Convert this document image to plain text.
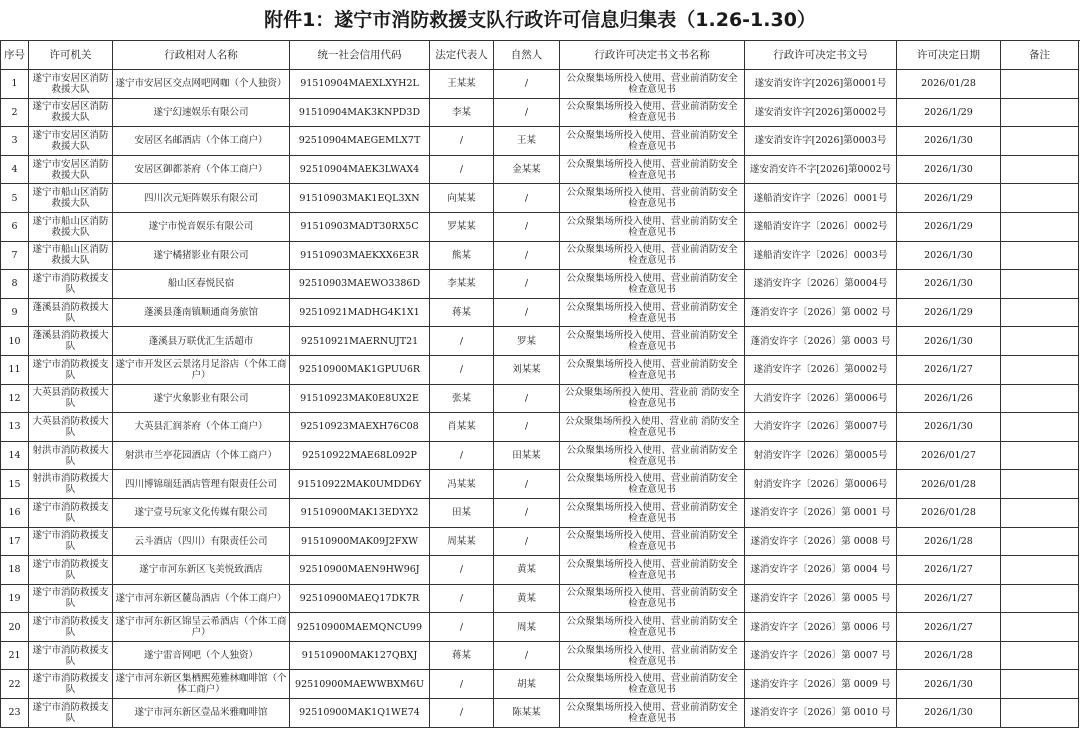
附件1：遂宁市消防救援支队行政许可信息归集表（1.26-1.30）
序号	许可机关	行政相对人名称	统一社会信用代码	法定代表人	自然人	行政许可决定书文书名称	行政许可决定书文号	许可决定日期	备注
1	遂宁市安居区消防救援大队	遂宁市安居区交点网吧网咖（个人独资）	91510904MAEXLXYH2L	王某某	/	公众聚集场所投入使用、营业前消防安全检查意见书	遂安消安许字[2026]第0001号	2026/01/28	
2	遂宁市安居区消防救援大队	遂宁幻速娱乐有限公司	91510904MAK3KNPD3D	李某	/	公众聚集场所投入使用、营业前消防安全检查意见书	遂安消安许字[2026]第0002号	2026/1/29	
3	遂宁市安居区消防救援大队	安居区名邮酒店（个体工商户）	92510904MAEGEMLX7T	/	王某	公众聚集场所投入使用、营业前消防安全检查意见书	遂安消安许字[2026]第0003号	2026/1/30	
4	遂宁市安居区消防救援大队	安居区御都茶府（个体工商户）	92510904MAEK3LWAX4	/	金某某	公众聚集场所投入使用、营业前消防安全检查意见书	遂安消安许不字[2026]第0002号	2026/1/30	
5	遂宁市船山区消防救援大队	四川次元矩阵娱乐有限公司	91510903MAK1EQL3XN	向某某	/	公众聚集场所投入使用、营业前消防安全检查意见书	遂船消安许字〔2026〕0001号	2026/1/29	
6	遂宁市船山区消防救援大队	遂宁市悦音娱乐有限公司	91510903MADT30RX5C	罗某某	/	公众聚集场所投入使用、营业前消防安全检查意见书	遂船消安许字〔2026〕0002号	2026/1/29	
7	遂宁市船山区消防救援大队	遂宁橘猪影业有限公司	91510903MAEKXX6E3R	熊某	/	公众聚集场所投入使用、营业前消防安全检查意见书	遂船消安许字〔2026〕0003号	2026/1/30	
8	遂宁市消防救援支队	船山区春悦民宿	92510903MAEWO3386D	李某某	/	公众聚集场所投入使用、营业前消防安全检查意见书	遂消安许字〔2026〕第0004号	2026/1/30	
9	蓬溪县消防救援大队	蓬溪县蓬南镇顺通商务旅馆	92510921MADHG4K1X1	蒋某	/	公众聚集场所投入使用、营业前消防安全检查意见书	蓬消安许字〔2026〕第 0002 号	2026/1/29	
10	蓬溪县消防救援大队	蓬溪县万联优汇生活超市	92510921MAERNUJT21	/	罗某	公众聚集场所投入使用、营业前消防安全检查意见书	蓬消安许字〔2026〕第 0003 号	2026/1/30	
11	遂宁市消防救援支队	遂宁市开发区云景洺月足浴店（个体工商户）	92510900MAK1GPUU6R	/	刘某某	公众聚集场所投入使用、营业前消防安全检查意见书	遂消安许字〔2026〕第0002号	2026/1/27	
12	大英县消防救援大队	遂宁火象影业有限公司	91510923MAK0E8UX2E	张某	/	公众聚集场所投入使用、营业前 消防安全检查意见书	大消安许字〔2026〕第0006号	2026/1/26	
13	大英县消防救援大队	大英县汇润茶府（个体工商户）	92510923MAEXH76C08	肖某某	/	公众聚集场所投入使用、营业前 消防安全检查意见书	大消安许字〔2026〕第0007号	2026/1/30	
14	射洪市消防救援大队	射洪市兰亭花园酒店（个体工商户）	92510922MAE68L092P	/	田某某	公众聚集场所投入使用、营业前消防安全检查意见书	射消安许字〔2026〕第0005号	2026/01/27	
15	射洪市消防救援大队	四川博锦瑞廷酒店管理有限责任公司	91510922MAK0UMDD6Y	冯某某	/	公众聚集场所投入使用、营业前消防安全检查意见书	射消安许字〔2026〕第0006号	2026/01/28	
16	遂宁市消防救援支队	遂宁壹号玩家文化传媒有限公司	91510900MAK13EDYX2	田某	/	公众聚集场所投入使用、营业前消防安全检查意见书	遂消安许字〔2026〕第 0001 号	2026/01/28	
17	遂宁市消防救援支队	云斗酒店（四川）有限责任公司	91510900MAK09J2FXW	周某某	/	公众聚集场所投入使用、营业前消防安全检查意见书	遂消安许字〔2026〕第 0008 号	2026/1/28	
18	遂宁市消防救援支队	遂宁市河东新区飞美悦致酒店	92510900MAEN9HW96J	/	黄某	公众聚集场所投入使用、营业前消防安全检查意见书	遂消安许字〔2026〕第 0004 号	2026/1/27	
19	遂宁市消防救援支队	遂宁市河东新区麓岛酒店（个体工商户）	92510900MAEQ17DK7R	/	黄某	公众聚集场所投入使用、营业前消防安全检查意见书	遂消安许字〔2026〕第 0005 号	2026/1/27	
20	遂宁市消防救援支队	遂宁市河东新区锦呈云希酒店（个体工商户）	92510900MAEMQNCU99	/	周某	公众聚集场所投入使用、营业前消防安全检查意见书	遂消安许字〔2026〕第 0006 号	2026/1/27	
21	遂宁市消防救援支队	遂宁雷音网吧（个人独资）	91510900MAK127QBXJ	蒋某	/	公众聚集场所投入使用、营业前消防安全检查意见书	遂消安许字〔2026〕第 0007 号	2026/1/28	
22	遂宁市消防救援支队	遂宁市河东新区集栖熙苑雅林咖啡馆（个体工商户）	92510900MAEWWBXM6U	/	胡某	公众聚集场所投入使用、营业前消防安全检查意见书	遂消安许字〔2026〕第 0009 号	2026/1/30	
23	遂宁市消防救援支队	遂宁市河东新区壹品米雅咖啡馆	92510900MAK1Q1WE74	/	陈某某	公众聚集场所投入使用、营业前消防安全检查意见书	遂消安许字〔2026〕第 0010 号	2026/1/30	
